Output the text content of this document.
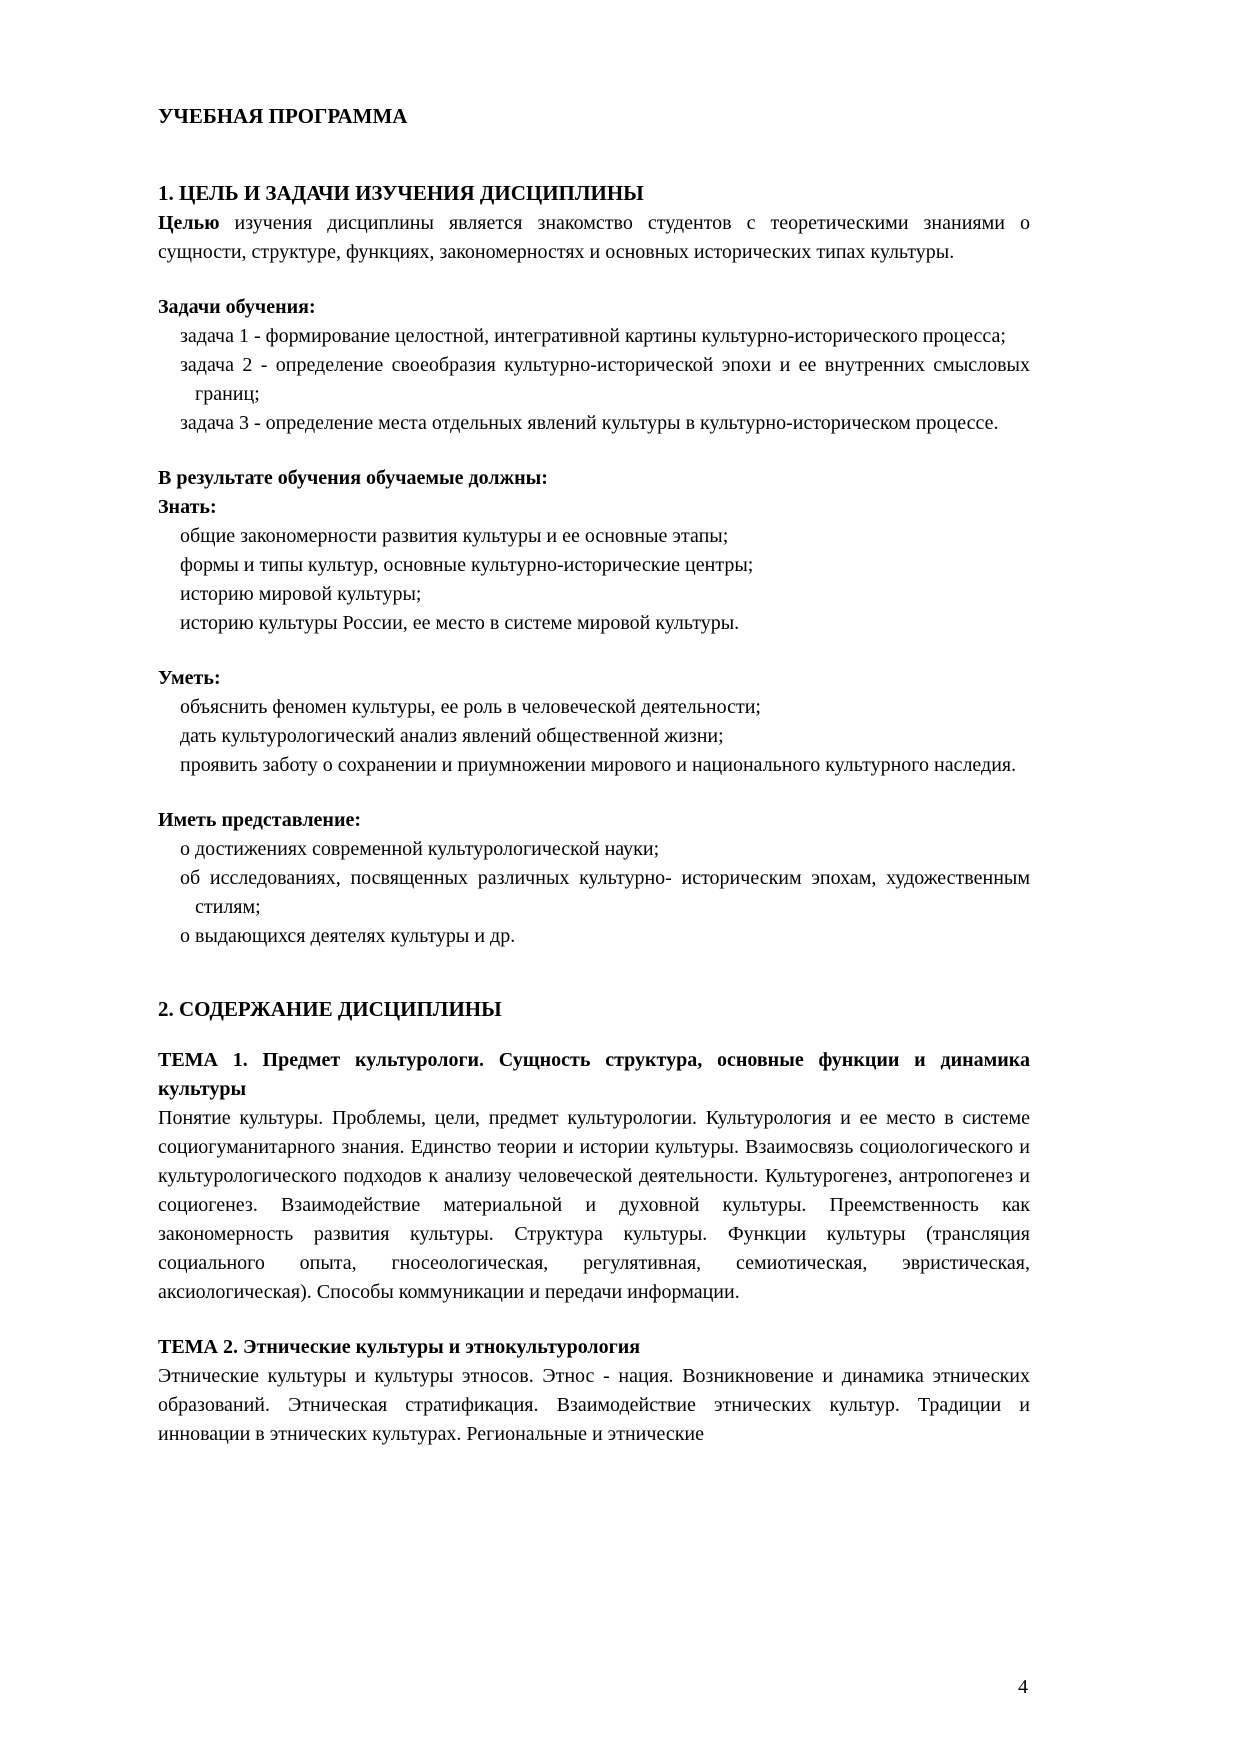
УЧЕБНАЯ ПРОГРАММА
1. ЦЕЛЬ И ЗАДАЧИ ИЗУЧЕНИЯ ДИСЦИПЛИНЫ

Целью изучения дисциплины является знакомство студентов с теоретическими знаниями о сущности, структуре, функциях, закономерностях и основных исторических типах культуры.

Задачи обучения:
задача 1 - формирование целостной, интегративной картины культурно-исторического процесса;
задача 2 - определение своеобразия культурно-исторической эпохи и ее внутренних смысловых границ;
задача 3 - определение места отдельных явлений культуры в культурно-историческом процессе.
В результате обучения обучаемые должны:
Знать:
общие закономерности развития культуры и ее основные этапы;
формы и типы культур, основные культурно-исторические центры;
историю мировой культуры;
историю культуры России, ее место в системе мировой культуры.
Уметь:
объяснить феномен культуры, ее роль в человеческой деятельности;
дать культурологический анализ явлений общественной жизни;
проявить заботу о сохранении и приумножении мирового и национального культурного наследия.
Иметь представление:
о достижениях современной культурологической науки;
об исследованиях, посвященных различных культурно- историческим эпохам, художественным стилям;
о выдающихся деятелях культуры и др.
2. СОДЕРЖАНИЕ ДИСЦИПЛИНЫ
ТЕМА 1. Предмет культурологи. Сущность структура, основные функции и динамика культуры

Понятие культуры. Проблемы, цели, предмет культурологии. Культурология и ее место в системе социогуманитарного знания. Единство теории и истории культуры. Взаимосвязь социологического и культурологического подходов к анализу человеческой деятельности. Культурогенез, антропогенез и социогенез. Взаимодействие материальной и духовной культуры. Преемственность как закономерность развития культуры. Структура культуры. Функции культуры (трансляция социального опыта, гносеологическая, регулятивная, семиотическая, эвристическая, аксиологическая). Способы коммуникации и передачи информации.

ТЕМА 2. Этнические культуры и этнокультурология

Этнические культуры и культуры этносов. Этнос - нация. Возникновение и динамика этнических образований. Этническая стратификация. Взаимодействие этнических культур. Традиции и инновации в этнических культурах. Региональные и этнические

4
